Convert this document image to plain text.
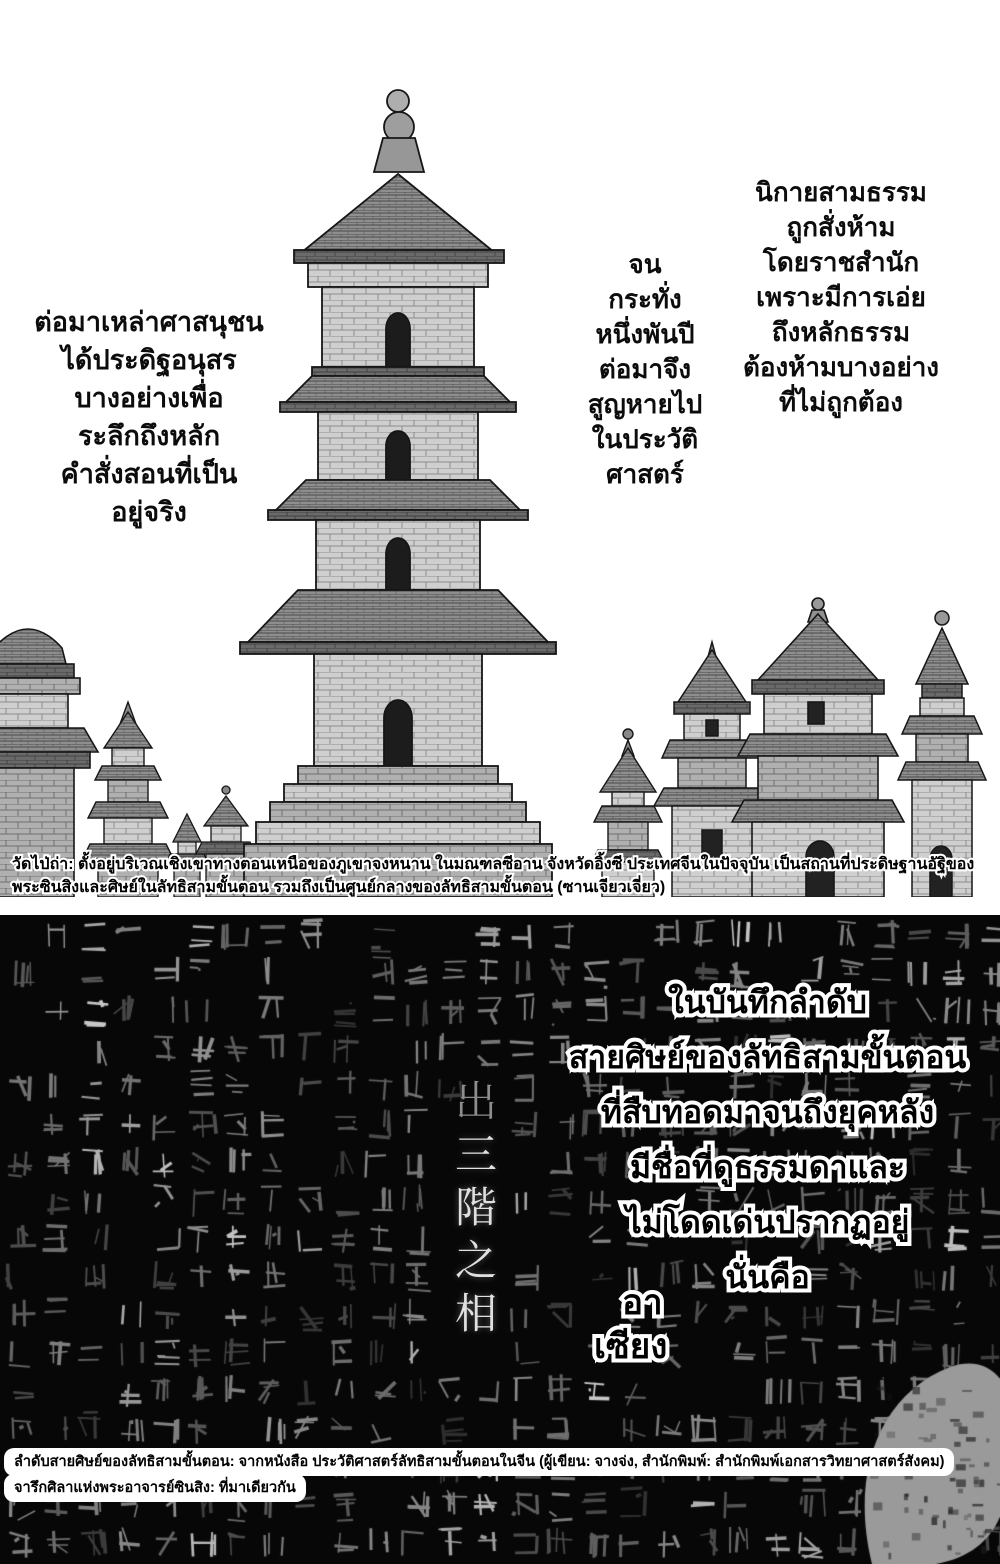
ต่อมาเหล่าศาสนุชน
ได้ประดิฐอนุสร
บางอย่างเพื่อ
ระลึกถึงหลัก
คำสั่งสอนที่เป็น
อยู่จริง
จน
กระทั่ง
หนึ่งพันปี
ต่อมาจึง
สูญหายไป
ในประวัติ
ศาสตร์
นิกายสามธรรม
ถูกสั่งห้าม
โดยราชสำนัก
เพราะมีการเอ่ย
ถึงหลักธรรม
ต้องห้ามบางอย่าง
ที่ไม่ถูกต้อง
วัดไป่ถ่า: ตั้งอยู่บริเวณเชิงเขาทางตอนเหนือของภูเขาจงหนาน ในมณฑลซีอาน จังหวัดอิ้งซี ประเทศจีนในปัจจุบัน เป็นสถานที่ประดิษฐานอัฐิของ
พระซินสิงและศิษย์ในลัทธิสามขั้นตอน รวมถึงเป็นศูนย์กลางของลัทธิสามขั้นตอน (ซานเจียวเจี่ยว)
出
三
階
之
相
ในบันทึกลำดับ
สายศิษย์ของลัทธิสามขั้นตอน
ที่สืบทอดมาจนถึงยุคหลัง
มีชื่อที่ดูธรรมดาและ
ไม่โดดเด่นปรากฏอยู่
นั่นคือ
อา
เซียง
ลำดับสายศิษย์ของลัทธิสามขั้นตอน: จากหนังสือ ประวัติศาสตร์ลัทธิสามขั้นตอนในจีน (ผู้เขียน: จางจ่ง, สำนักพิมพ์: สำนักพิมพ์เอกสารวิทยาศาสตร์สังคม)
จารึกศิลาแห่งพระอาจารย์ซินสิง: ที่มาเดียวกัน
